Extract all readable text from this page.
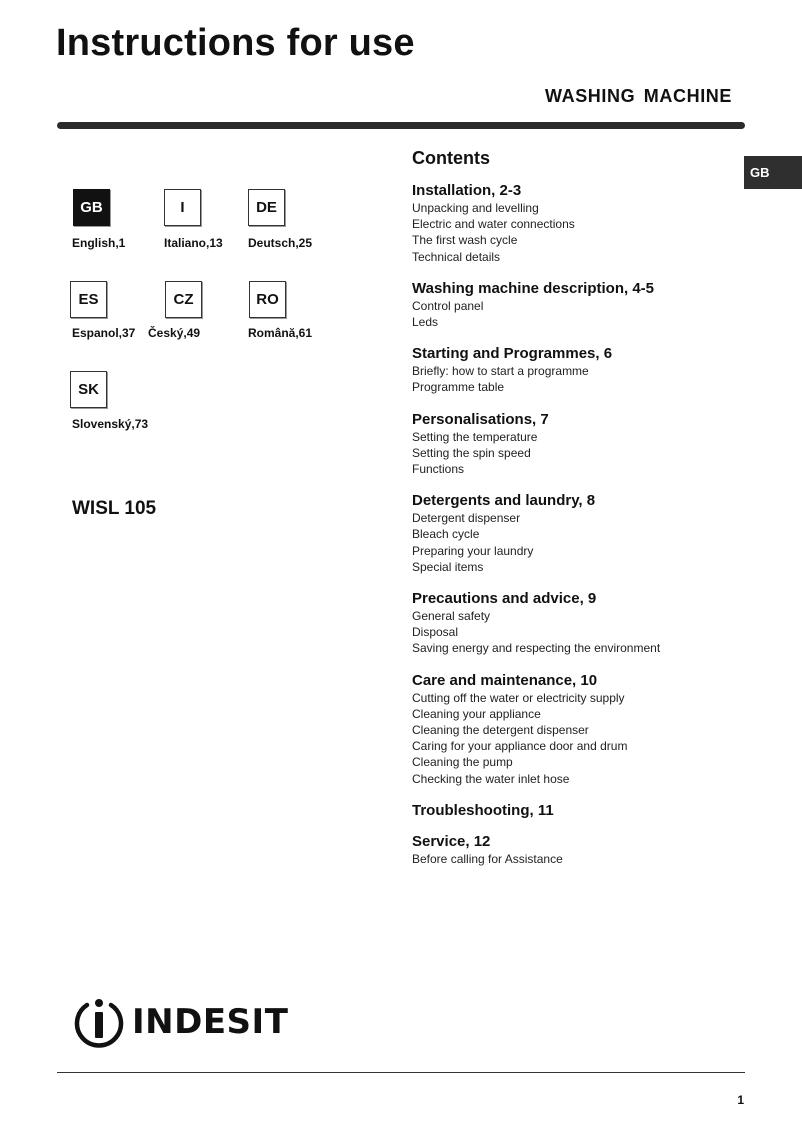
Instructions for use
WASHING MACHINE
GB
GB
English,1
I
Italiano,13
DE
Deutsch,25
ES
Espanol,37
CZ
Český,49
RO
Română,61
SK
Slovenský,73
WISL 105
Contents
Installation, 2-3
Unpacking and levelling
Electric and water connections
The first wash cycle
Technical details
Washing machine description, 4-5
Control panel
Leds
Starting and Programmes, 6
Briefly: how to start a programme
Programme table
Personalisations, 7
Setting the temperature
Setting the spin speed
Functions
Detergents and laundry, 8
Detergent dispenser
Bleach cycle
Preparing your laundry
Special items
Precautions and advice, 9
General safety
Disposal
Saving energy and respecting the environment
Care and maintenance, 10
Cutting off the water or electricity supply
Cleaning your appliance
Cleaning the detergent dispenser
Caring for your appliance door and drum
Cleaning the pump
Checking the water inlet hose
Troubleshooting, 11
Service, 12
Before calling for Assistance
INDESIT
1
